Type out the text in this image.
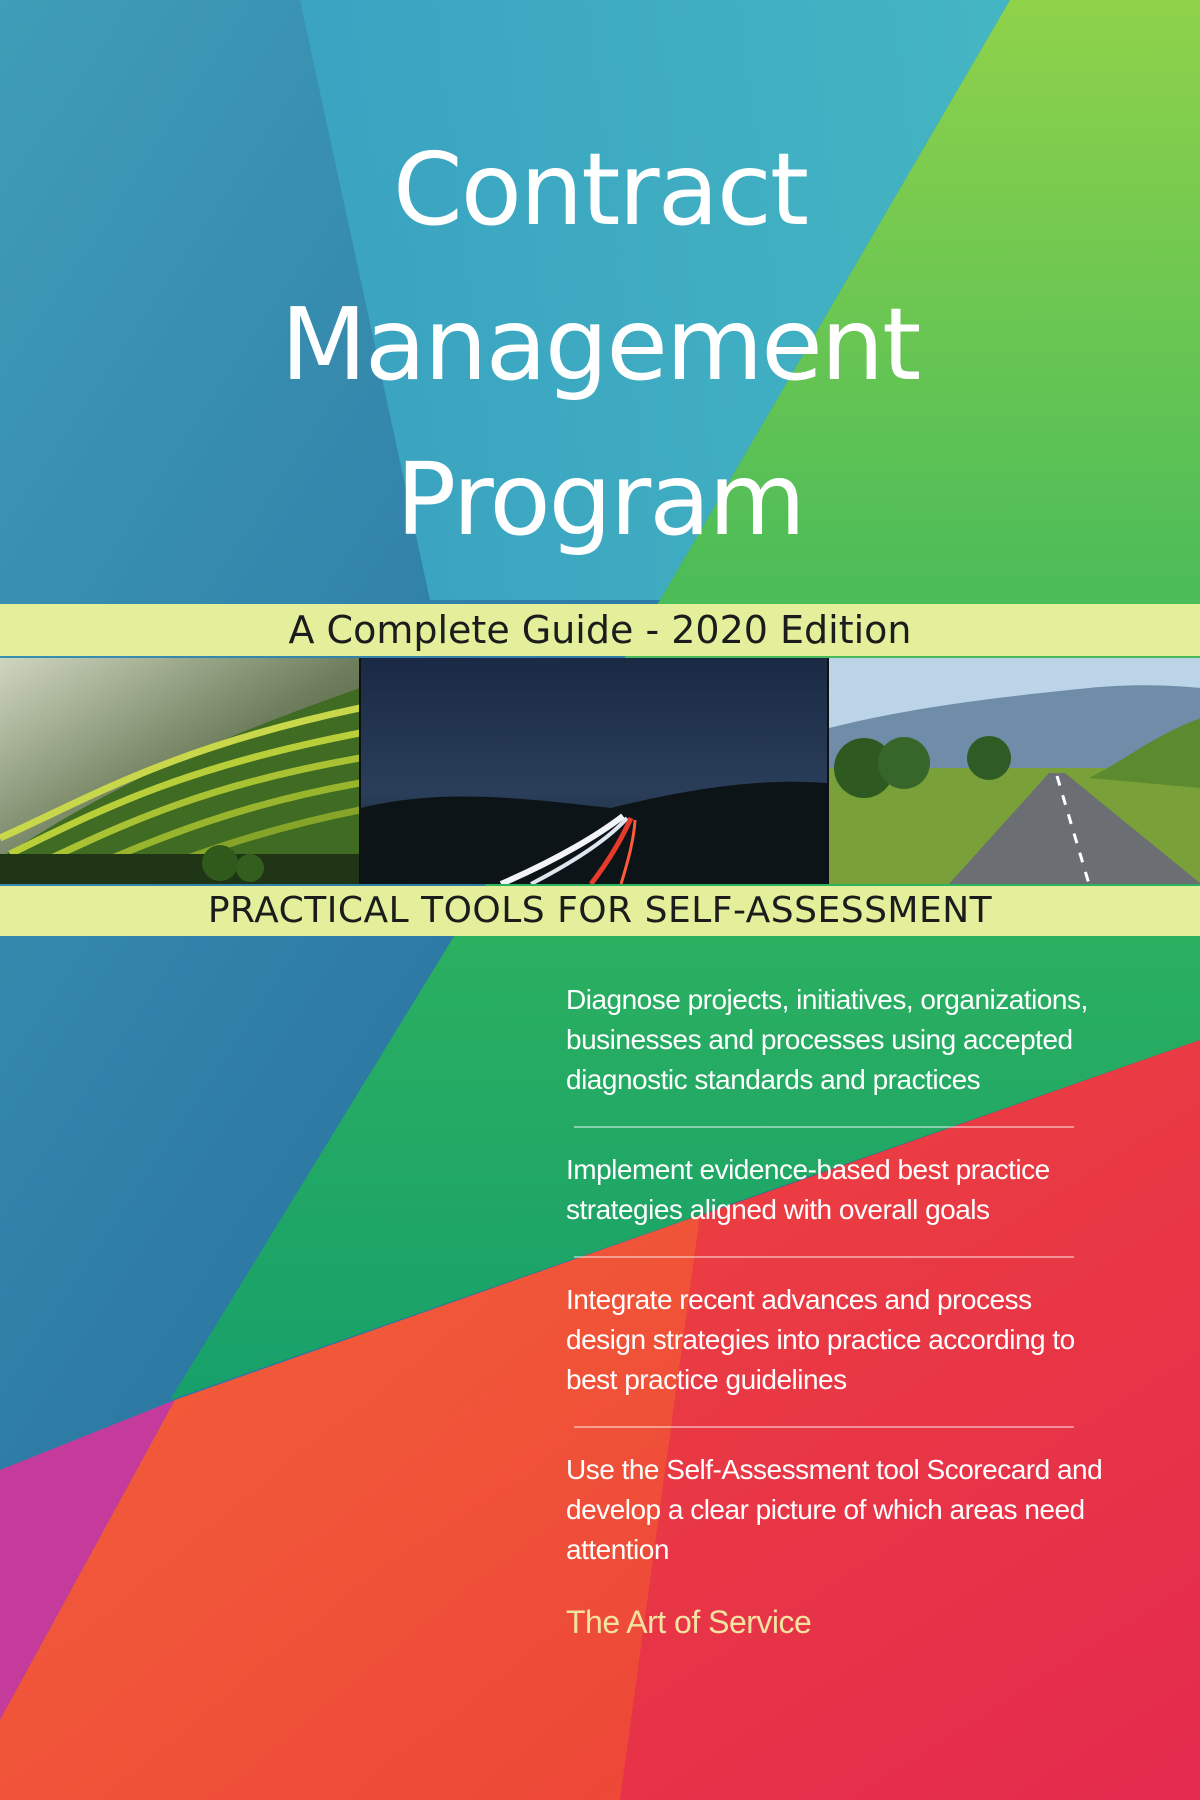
Contract
Management
Program
A Complete Guide - 2020 Edition
PRACTICAL TOOLS FOR SELF-ASSESSMENT
Diagnose projects, initiatives, organizations, businesses and processes using accepted diagnostic standards and practices
Implement evidence-based best practice strategies aligned with overall goals
Integrate recent advances and process design strategies into practice according to best practice guidelines
Use the Self-Assessment tool Scorecard and develop a clear picture of which areas need attention
The Art of Service
